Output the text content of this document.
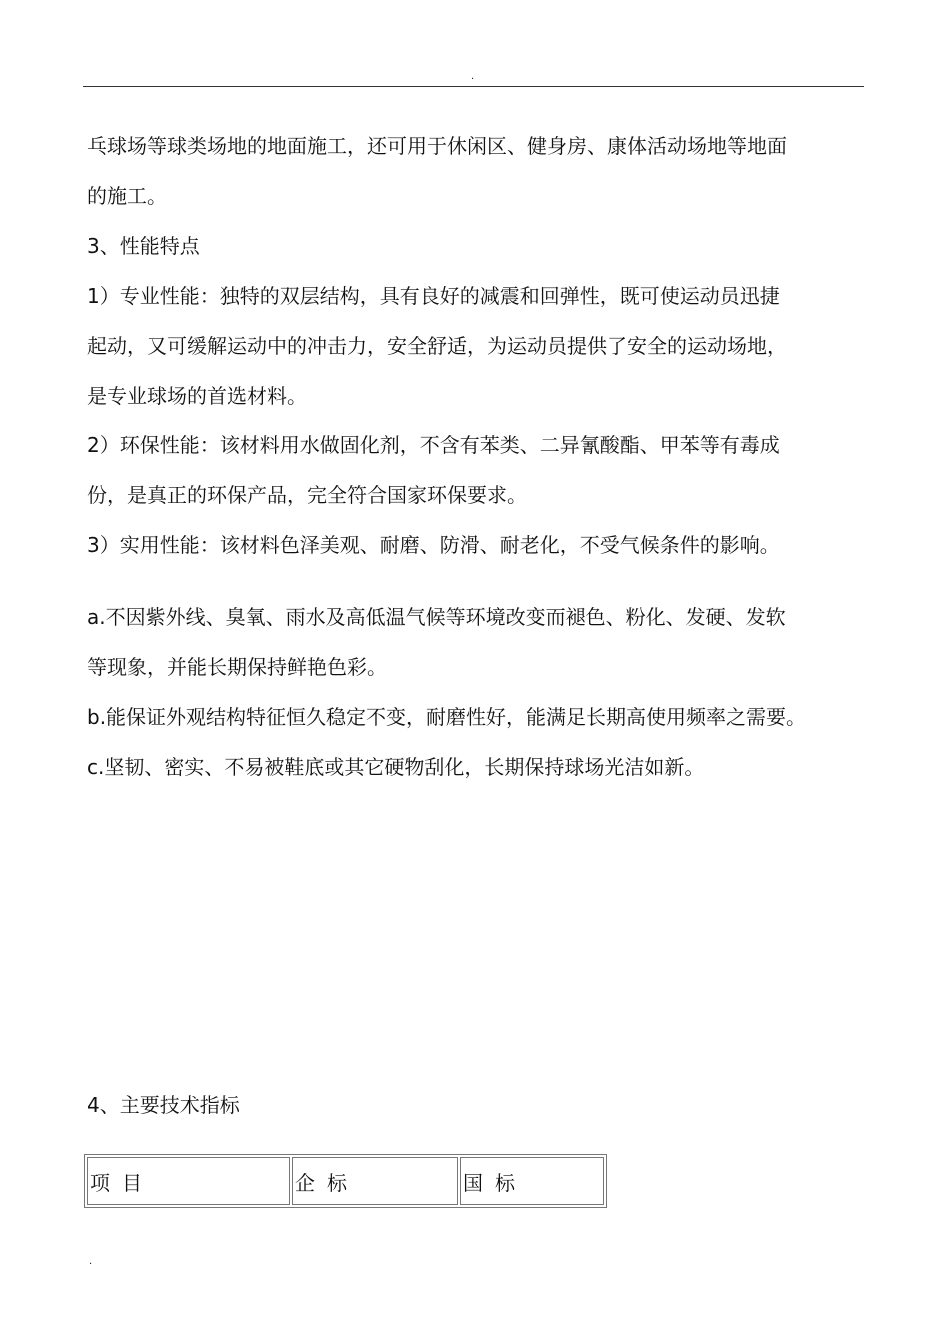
.
乓球场等球类场地的地面施工，还可用于休闲区、健身房、康体活动场地等地面
的施工。
3、性能特点
1）专业性能：独特的双层结构，具有良好的减震和回弹性，既可使运动员迅捷
起动，又可缓解运动中的冲击力，安全舒适，为运动员提供了安全的运动场地，
是专业球场的首选材料。
2）环保性能：该材料用水做固化剂，不含有苯类、二异氰酸酯、甲苯等有毒成
份，是真正的环保产品，完全符合国家环保要求。
3）实用性能：该材料色泽美观、耐磨、防滑、耐老化，不受气候条件的影响。
a.不因紫外线、臭氧、雨水及高低温气候等环境改变而褪色、粉化、发硬、发软
等现象，并能长期保持鲜艳色彩。
b.能保证外观结构特征恒久稳定不变，耐磨性好，能满足长期高使用频率之需要。
c.坚韧、密实、不易被鞋底或其它硬物刮化，长期保持球场光洁如新。
4、主要技术指标
项目	企标	国标
.
